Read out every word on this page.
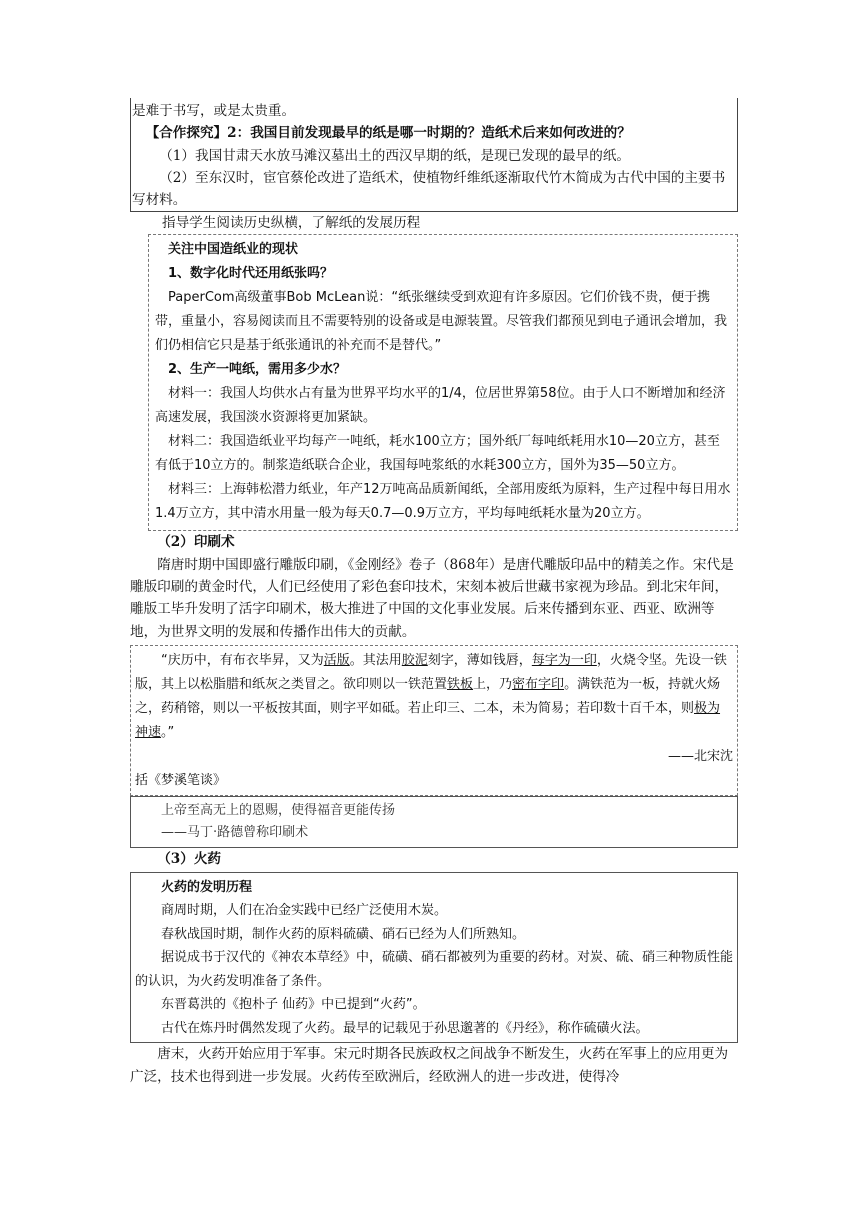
是难于书写，或是太贵重。

【合作探究】2：我国目前发现最早的纸是哪一时期的？造纸术后来如何改进的？

（1）我国甘肃天水放马滩汉墓出土的西汉早期的纸，是现已发现的最早的纸。

（2）至东汉时，宦官蔡伦改进了造纸术，使植物纤维纸逐渐取代竹木简成为古代中国的主要书写材料。

指导学生阅读历史纵横，了解纸的发展历程

关注中国造纸业的现状

1、数字化时代还用纸张吗？

PaperCom高级董事Bob McLean说：“纸张继续受到欢迎有许多原因。它们价钱不贵，便于携带，重量小，容易阅读而且不需要特别的设备或是电源装置。尽管我们都预见到电子通讯会增加，我们仍相信它只是基于纸张通讯的补充而不是替代。”

2、生产一吨纸，需用多少水？

材料一：我国人均供水占有量为世界平均水平的1/4，位居世界第58位。由于人口不断增加和经济高速发展，我国淡水资源将更加紧缺。

材料二：我国造纸业平均每产一吨纸，耗水100立方；国外纸厂每吨纸耗用水10—20立方，甚至有低于10立方的。制浆造纸联合企业，我国每吨浆纸的水耗300立方，国外为35—50立方。

材料三：上海韩松潜力纸业，年产12万吨高品质新闻纸，全部用废纸为原料，生产过程中每日用水1.4万立方，其中清水用量一般为每天0.7—0.9万立方，平均每吨纸耗水量为20立方。

（2）印刷术

隋唐时期中国即盛行雕版印刷，《金刚经》卷子（868年）是唐代雕版印品中的精美之作。宋代是雕版印刷的黄金时代，人们已经使用了彩色套印技术，宋刻本被后世藏书家视为珍品。到北宋年间，雕版工毕升发明了活字印刷术，极大推进了中国的文化事业发展。后来传播到东亚、西亚、欧洲等地，为世界文明的发展和传播作出伟大的贡献。

“庆历中，有布衣毕昇，又为活版。其法用胶泥刻字，薄如钱唇，每字为一印，火烧令坚。先设一铁版，其上以松脂腊和纸灰之类冒之。欲印则以一铁范置铁板上，乃密布字印。满铁范为一板，持就火炀之，药稍镕，则以一平板按其面，则字平如砥。若止印三、二本，未为简易；若印数十百千本，则极为神速。”

——北宋沈

括《梦溪笔谈》

上帝至高无上的恩赐，使得福音更能传扬

——马丁·路德曾称印刷术

（3）火药

火药的发明历程

商周时期，人们在冶金实践中已经广泛使用木炭。

春秋战国时期，制作火药的原料硫磺、硝石已经为人们所熟知。

据说成书于汉代的《神农本草经》中，硫磺、硝石都被列为重要的药材。对炭、硫、硝三种物质性能的认识，为火药发明准备了条件。

东晋葛洪的《抱朴子 仙药》中已提到“火药”。

古代在炼丹时偶然发现了火药。最早的记载见于孙思邈著的《丹经》，称作硫磺火法。

唐末，火药开始应用于军事。宋元时期各民族政权之间战争不断发生，火药在军事上的应用更为广泛，技术也得到进一步发展。火药传至欧洲后，经欧洲人的进一步改进，使得冷
